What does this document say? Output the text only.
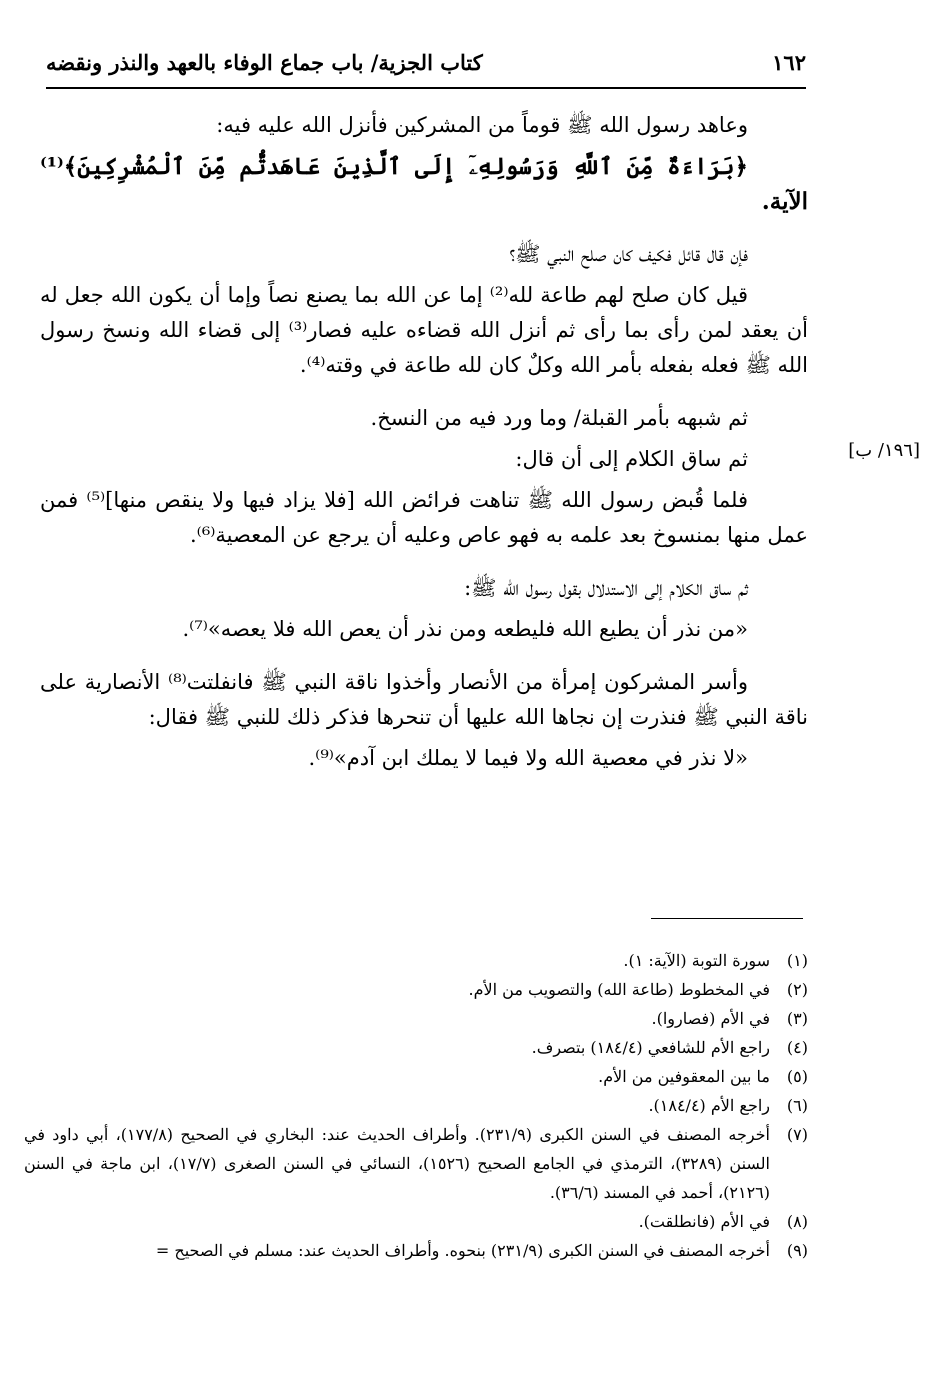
١٦٢
كتاب الجزية/ باب جماع الوفاء بالعهد والنذر ونقضه
[١٩٦/ ب]

وعاهد رسول الله ﷺ قوماً من المشركين فأنزل الله عليه فيه:

﴿بَرَاءَةٌ مِّنَ ٱللَّهِ وَرَسُولِهِۦٓ إِلَى ٱلَّذِينَ عَاهَدتُّم مِّنَ ٱلْمُشْرِكِينَ﴾⁽¹⁾ الآية.

فإن قال قائل فكيف كان صلح النبي ﷺ؟

قيل كان صلح لهم طاعة لله⁽²⁾ إما عن الله بما يصنع نصاً وإما أن يكون الله جعل له أن يعقد لمن رأى بما رأى ثم أنزل الله قضاءه عليه فصار⁽³⁾ إلى قضاء الله ونسخ رسول الله ﷺ فعله بفعله بأمر الله وكلٌ كان لله طاعة في وقته⁽⁴⁾.

ثم شبهه بأمر القبلة/ وما ورد فيه من النسخ.

ثم ساق الكلام إلى أن قال:

فلما قُبض رسول الله ﷺ تناهت فرائض الله [فلا يزاد فيها ولا ينقص منها]⁽⁵⁾ فمن عمل منها بمنسوخ بعد علمه به فهو عاص وعليه أن يرجع عن المعصية⁽⁶⁾.

ثم ساق الكلام إلى الاستدلال بقول رسول الله ﷺ:

«من نذر أن يطيع الله فليطعه ومن نذر أن يعص الله فلا يعصه»⁽⁷⁾.

وأسر المشركون إمرأة من الأنصار وأخذوا ناقة النبي ﷺ فانفلتت⁽⁸⁾ الأنصارية على ناقة النبي ﷺ فنذرت إن نجاها الله عليها أن تنحرها فذكر ذلك للنبي ﷺ فقال:

«لا نذر في معصية الله ولا فيما لا يملك ابن آدم»⁽⁹⁾.

(١)
سورة التوبة (الآية: ١).
(٢)
في المخطوط (طاعة الله) والتصويب من الأم.
(٣)
في الأم (فصاروا).
(٤)
راجع الأم للشافعي (١٨٤/٤) بتصرف.
(٥)
ما بين المعقوفين من الأم.
(٦)
راجع الأم (١٨٤/٤).
(٧)
أخرجه المصنف في السنن الكبرى (٢٣١/٩). وأطراف الحديث عند: البخاري في الصحيح (١٧٧/٨)، أبي داود في السنن (٣٢٨٩)، الترمذي في الجامع الصحيح (١٥٢٦)، النسائي في السنن الصغرى (١٧/٧)، ابن ماجة في السنن (٢١٢٦)، أحمد في المسند (٣٦/٦).
(٨)
في الأم (فانطلقت).
(٩)
أخرجه المصنف في السنن الكبرى (٢٣١/٩) بنحوه. وأطراف الحديث عند: مسلم في الصحيح =
